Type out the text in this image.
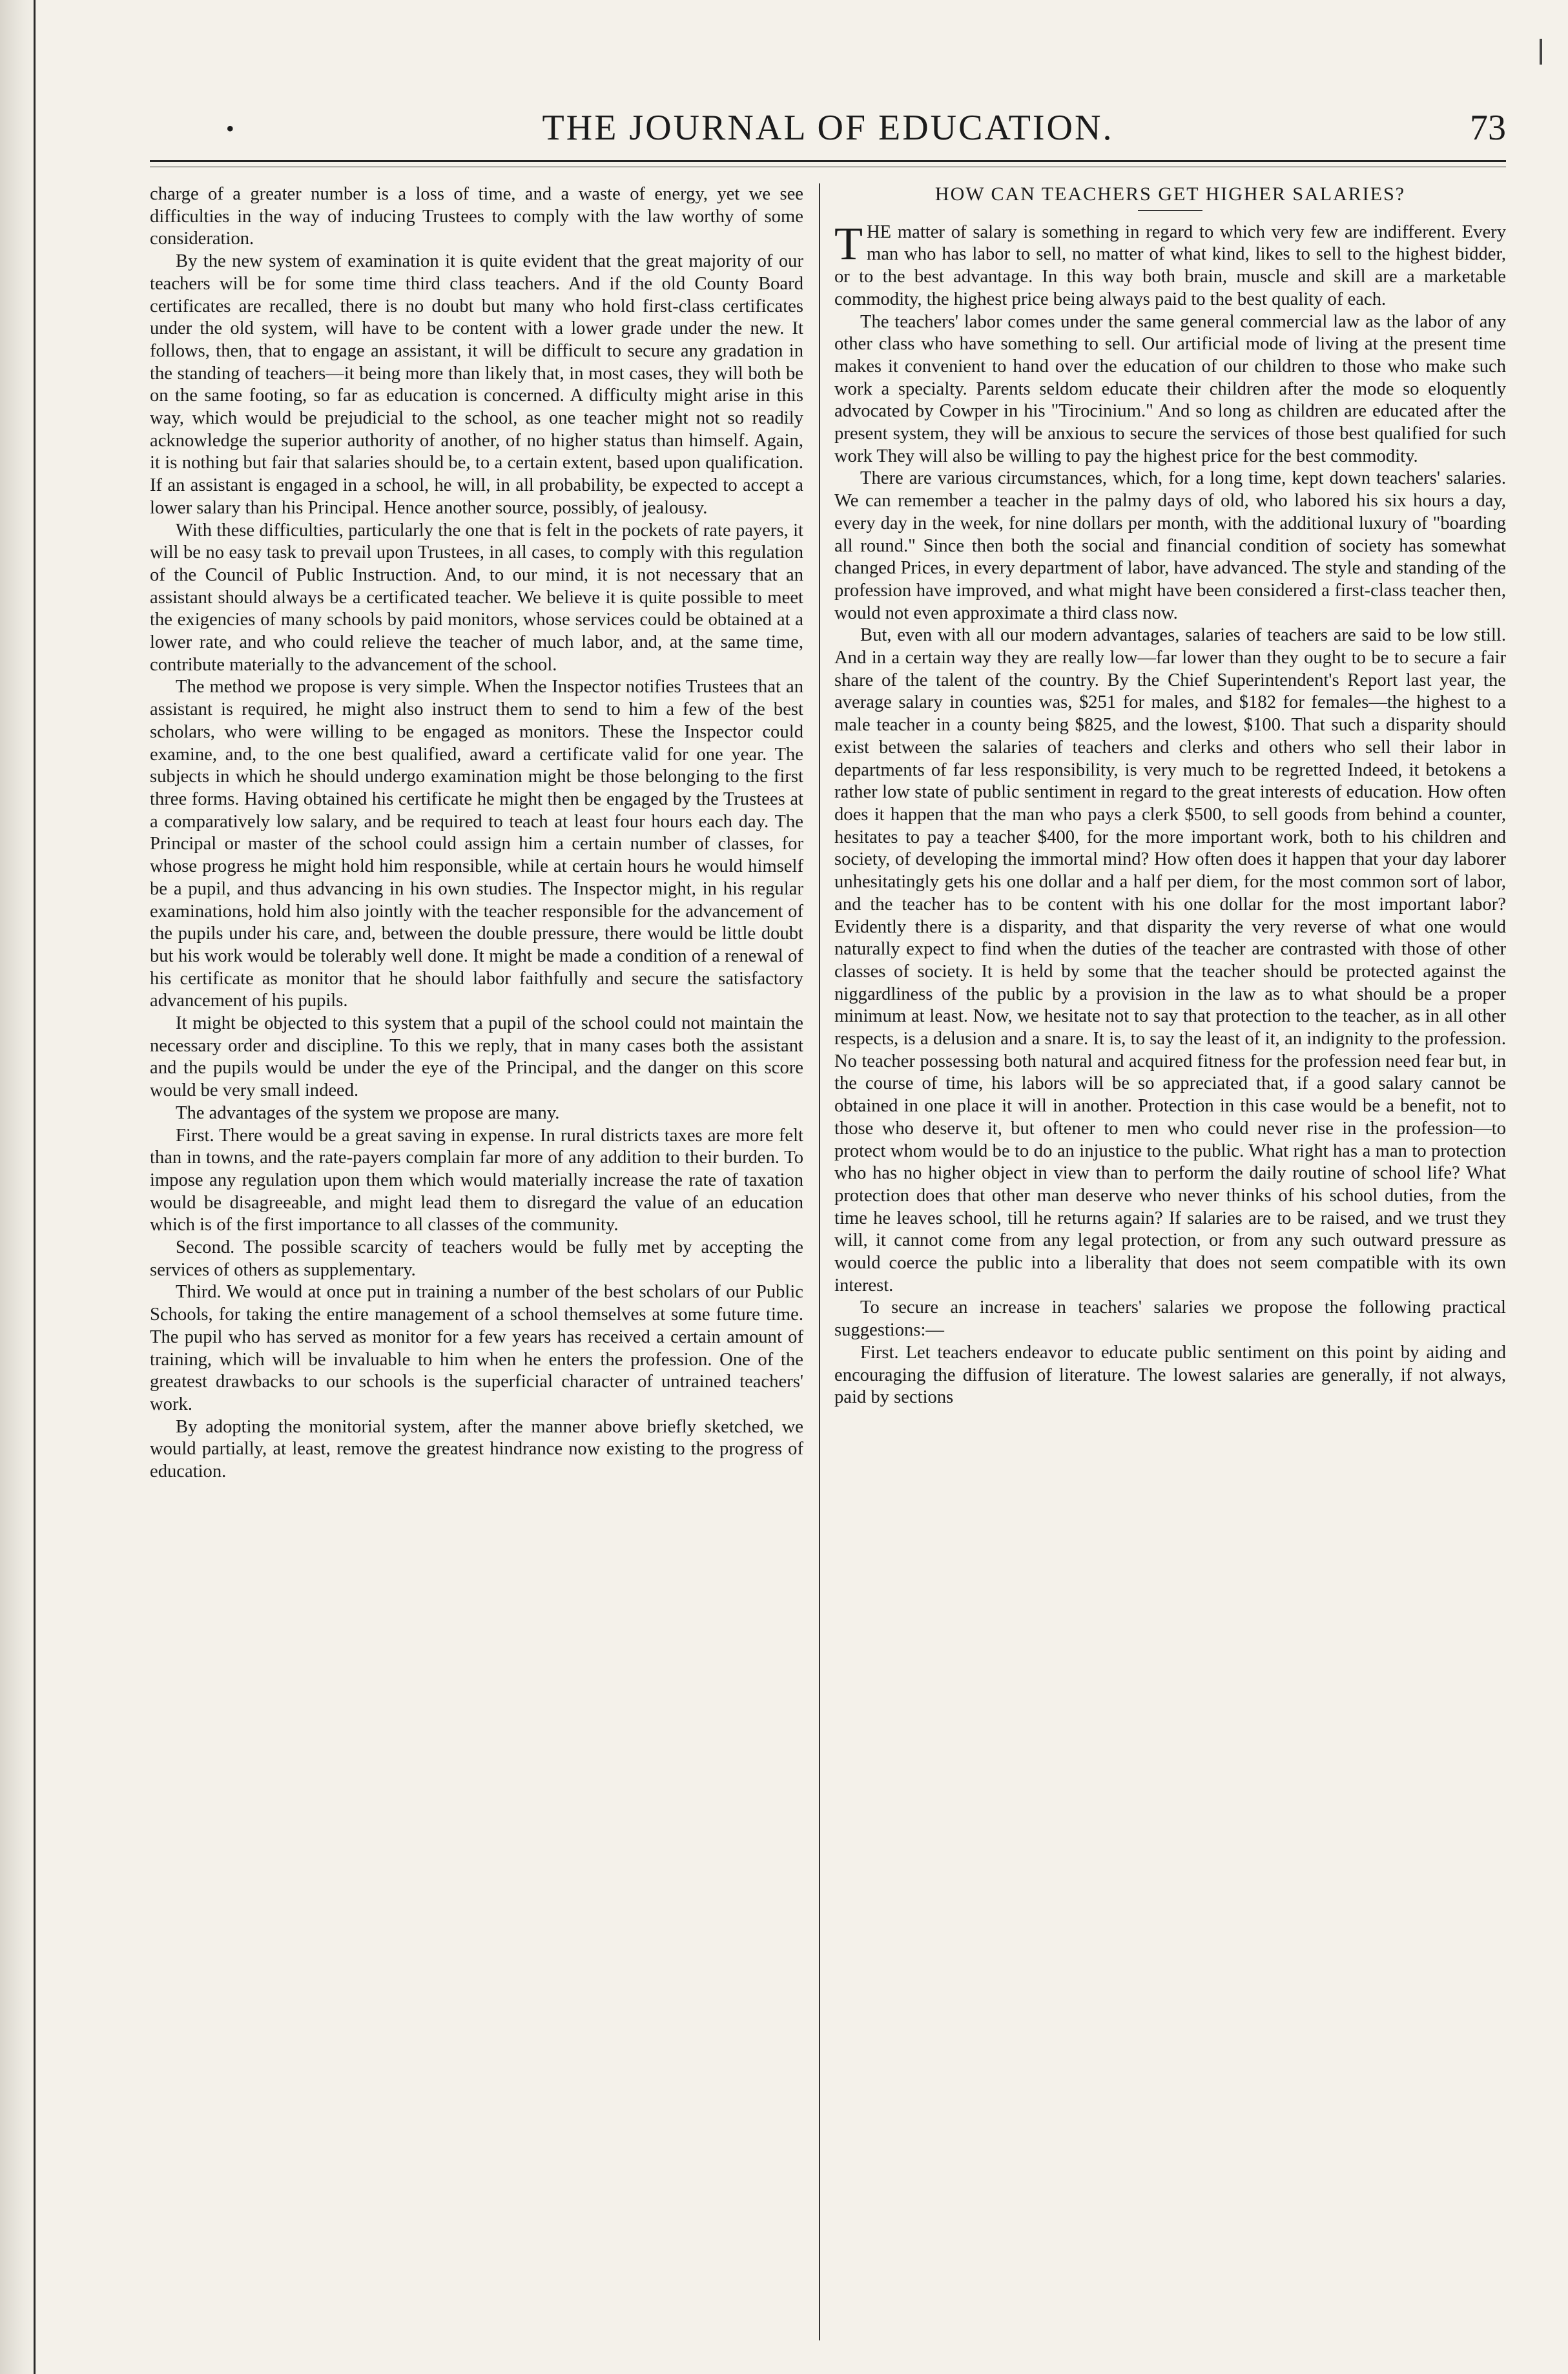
•	THE JOURNAL OF EDUCATION.	73

charge of a greater number is a loss of time, and a waste of energy, yet we see difficulties in the way of inducing Trustees to comply with the law worthy of some consideration.

By the new system of examination it is quite evident that the great majority of our teachers will be for some time third class teachers. And if the old County Board certificates are recalled, there is no doubt but many who hold first-class certificates under the old system, will have to be content with a lower grade under the new. It follows, then, that to engage an assistant, it will be difficult to secure any gradation in the standing of teachers—it being more than likely that, in most cases, they will both be on the same footing, so far as education is concerned. A difficulty might arise in this way, which would be prejudicial to the school, as one teacher might not so readily acknowledge the superior authority of another, of no higher status than himself. Again, it is nothing but fair that salaries should be, to a certain extent, based upon qualification. If an assistant is engaged in a school, he will, in all probability, be expected to accept a lower salary than his Principal. Hence another source, possibly, of jealousy.

With these difficulties, particularly the one that is felt in the pockets of rate payers, it will be no easy task to prevail upon Trustees, in all cases, to comply with this regulation of the Council of Public Instruction. And, to our mind, it is not necessary that an assistant should always be a certificated teacher. We believe it is quite possible to meet the exigencies of many schools by paid monitors, whose services could be obtained at a lower rate, and who could relieve the teacher of much labor, and, at the same time, contribute materially to the advancement of the school.

The method we propose is very simple. When the Inspector notifies Trustees that an assistant is required, he might also instruct them to send to him a few of the best scholars, who were willing to be engaged as monitors. These the Inspector could examine, and, to the one best qualified, award a certificate valid for one year. The subjects in which he should undergo examination might be those belonging to the first three forms. Having obtained his certificate he might then be engaged by the Trustees at a comparatively low salary, and be required to teach at least four hours each day. The Principal or master of the school could assign him a certain number of classes, for whose progress he might hold him responsible, while at certain hours he would himself be a pupil, and thus advancing in his own studies. The Inspector might, in his regular examinations, hold him also jointly with the teacher responsible for the advancement of the pupils under his care, and, between the double pressure, there would be little doubt but his work would be tolerably well done. It might be made a condition of a renewal of his certificate as monitor that he should labor faithfully and secure the satisfactory advancement of his pupils.

It might be objected to this system that a pupil of the school could not maintain the necessary order and discipline. To this we reply, that in many cases both the assistant and the pupils would be under the eye of the Principal, and the danger on this score would be very small indeed.

The advantages of the system we propose are many.

First. There would be a great saving in expense. In rural districts taxes are more felt than in towns, and the rate-payers complain far more of any addition to their burden. To impose any regulation upon them which would materially increase the rate of taxation would be disagreeable, and might lead them to disregard the value of an education which is of the first importance to all classes of the community.

Second. The possible scarcity of teachers would be fully met by accepting the services of others as supplementary.

Third. We would at once put in training a number of the best scholars of our Public Schools, for taking the entire management of a school themselves at some future time. The pupil who has served as monitor for a few years has received a certain amount of training, which will be invaluable to him when he enters the profession. One of the greatest drawbacks to our schools is the superficial character of untrained teachers' work.

By adopting the monitorial system, after the manner above briefly sketched, we would partially, at least, remove the greatest hindrance now existing to the progress of education.

HOW CAN TEACHERS GET HIGHER SALARIES?

THE matter of salary is something in regard to which very few are indifferent. Every man who has labor to sell, no matter of what kind, likes to sell to the highest bidder, or to the best advantage. In this way both brain, muscle and skill are a marketable commodity, the highest price being always paid to the best quality of each.

The teachers' labor comes under the same general commercial law as the labor of any other class who have something to sell. Our artificial mode of living at the present time makes it convenient to hand over the education of our children to those who make such work a specialty. Parents seldom educate their children after the mode so eloquently advocated by Cowper in his "Tirocinium." And so long as children are educated after the present system, they will be anxious to secure the services of those best qualified for such work They will also be willing to pay the highest price for the best commodity.

There are various circumstances, which, for a long time, kept down teachers' salaries. We can remember a teacher in the palmy days of old, who labored his six hours a day, every day in the week, for nine dollars per month, with the additional luxury of "boarding all round." Since then both the social and financial condition of society has somewhat changed Prices, in every department of labor, have advanced. The style and standing of the profession have improved, and what might have been considered a first-class teacher then, would not even approximate a third class now.

But, even with all our modern advantages, salaries of teachers are said to be low still. And in a certain way they are really low—far lower than they ought to be to secure a fair share of the talent of the country. By the Chief Superintendent's Report last year, the average salary in counties was, $251 for males, and $182 for females—the highest to a male teacher in a county being $825, and the lowest, $100. That such a disparity should exist between the salaries of teachers and clerks and others who sell their labor in departments of far less responsibility, is very much to be regretted Indeed, it betokens a rather low state of public sentiment in regard to the great interests of education. How often does it happen that the man who pays a clerk $500, to sell goods from behind a counter, hesitates to pay a teacher $400, for the more important work, both to his children and society, of developing the immortal mind? How often does it happen that your day laborer unhesitatingly gets his one dollar and a half per diem, for the most common sort of labor, and the teacher has to be content with his one dollar for the most important labor? Evidently there is a disparity, and that disparity the very reverse of what one would naturally expect to find when the duties of the teacher are contrasted with those of other classes of society. It is held by some that the teacher should be protected against the niggardliness of the public by a provision in the law as to what should be a proper minimum at least. Now, we hesitate not to say that protection to the teacher, as in all other respects, is a delusion and a snare. It is, to say the least of it, an indignity to the profession. No teacher possessing both natural and acquired fitness for the profession need fear but, in the course of time, his labors will be so appreciated that, if a good salary cannot be obtained in one place it will in another. Protection in this case would be a benefit, not to those who deserve it, but oftener to men who could never rise in the profession—to protect whom would be to do an injustice to the public. What right has a man to protection who has no higher object in view than to perform the daily routine of school life? What protection does that other man deserve who never thinks of his school duties, from the time he leaves school, till he returns again? If salaries are to be raised, and we trust they will, it cannot come from any legal protection, or from any such outward pressure as would coerce the public into a liberality that does not seem compatible with its own interest.

To secure an increase in teachers' salaries we propose the following practical suggestions:—

First. Let teachers endeavor to educate public sentiment on this point by aiding and encouraging the diffusion of literature. The lowest salaries are generally, if not always, paid by sections
